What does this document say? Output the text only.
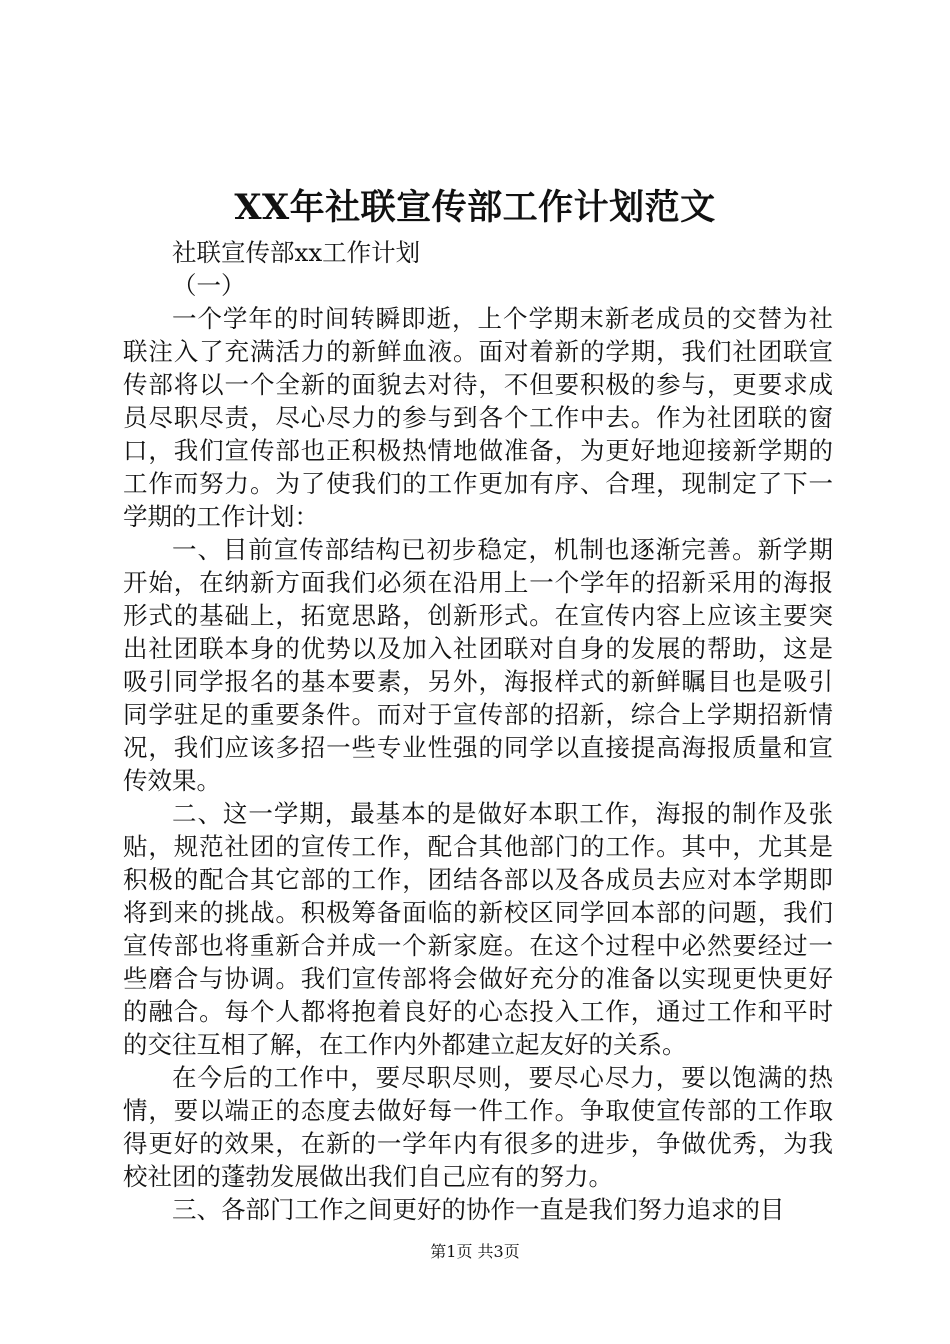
XX年社联宣传部工作计划范文

社联宣传部xx工作计划

（一）

一个学年的时间转瞬即逝，上个学期末新老成员的交替为社联注入了充满活力的新鲜血液。面对着新的学期，我们社团联宣传部将以一个全新的面貌去对待，不但要积极的参与，更要求成员尽职尽责，尽心尽力的参与到各个工作中去。作为社团联的窗口，我们宣传部也正积极热情地做准备，为更好地迎接新学期的工作而努力。为了使我们的工作更加有序、合理，现制定了下一学期的工作计划：

一、目前宣传部结构已初步稳定，机制也逐渐完善。新学期开始，在纳新方面我们必须在沿用上一个学年的招新采用的海报形式的基础上，拓宽思路，创新形式。在宣传内容上应该主要突出社团联本身的优势以及加入社团联对自身的发展的帮助，这是吸引同学报名的基本要素，另外，海报样式的新鲜瞩目也是吸引同学驻足的重要条件。而对于宣传部的招新，综合上学期招新情况，我们应该多招一些专业性强的同学以直接提高海报质量和宣传效果。

二、这一学期，最基本的是做好本职工作，海报的制作及张贴，规范社团的宣传工作，配合其他部门的工作。其中，尤其是积极的配合其它部的工作，团结各部以及各成员去应对本学期即将到来的挑战。积极筹备面临的新校区同学回本部的问题，我们宣传部也将重新合并成一个新家庭。在这个过程中必然要经过一些磨合与协调。我们宣传部将会做好充分的准备以实现更快更好的融合。每个人都将抱着良好的心态投入工作，通过工作和平时的交往互相了解，在工作内外都建立起友好的关系。

在今后的工作中，要尽职尽则，要尽心尽力，要以饱满的热情，要以端正的态度去做好每一件工作。争取使宣传部的工作取得更好的效果，在新的一学年内有很多的进步，争做优秀，为我校社团的蓬勃发展做出我们自己应有的努力。

三、各部门工作之间更好的协作一直是我们努力追求的目

第1页 共3页
